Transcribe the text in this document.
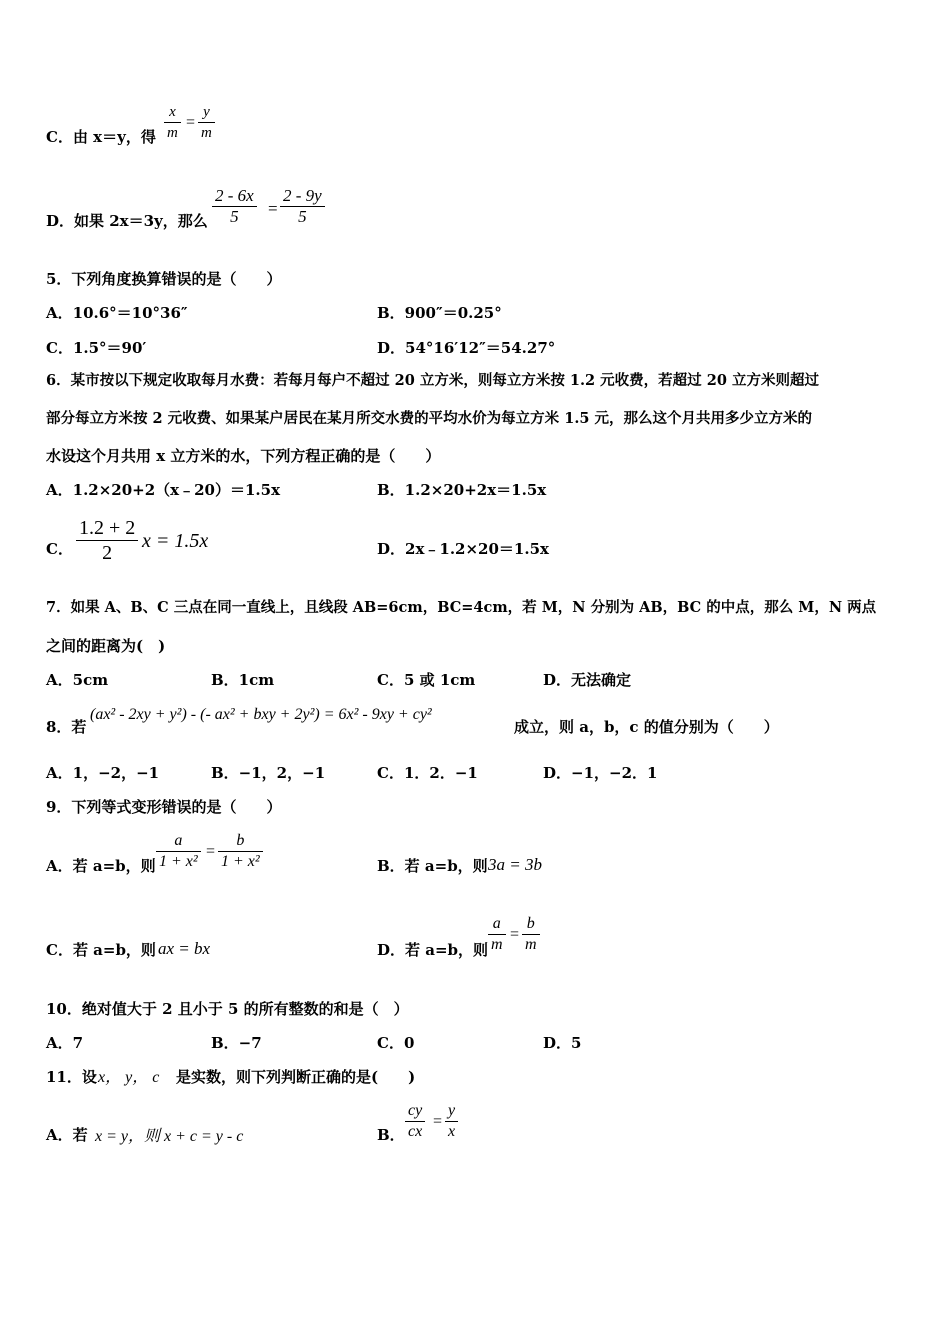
C．由 x＝y，得 $\frac{x}{m} = \frac{y}{m}$
D．如果 2x＝3y，那么 $\frac{2 - 6x}{5} = \frac{2 - 9y}{5}$
5．下列角度换算错误的是（　　）
A．10.6°＝10°36″	B．900″＝0.25°
C．1.5°＝90′	D．54°16′12″＝54.27°
6．某市按以下规定收取每月水费：若每月每户不超过 20 立方米，则每立方米按 1.2 元收费，若超过 20 立方米则超过
部分每立方米按 2 元收费、如果某户居民在某月所交水费的平均水价为每立方米 1.5 元，那么这个月共用多少立方米的
水设这个月共用 x 立方米的水，下列方程正确的是（　　）
A．1.2×20+2（x﹣20）＝1.5x	B．1.2×20+2x＝1.5x
C． $\frac{1.2 + 2}{2}$ x = 1.5x	D．2x﹣1.2×20＝1.5x
7．如果 A、B、C 三点在同一直线上，且线段 AB=6cm，BC=4cm，若 M，N 分别为 AB，BC 的中点，那么 M，N 两点
之间的距离为(　)
A．5cm	B．1cm	C．5 或 1cm	D．无法确定
8．若
(ax² - 2xy + y²) - (- ax² + bxy + 2y²) = 6x² - 9xy + cy²
成立，则 a，b，c 的值分别为（　　）
A．1，−2，−1	B．−1，2，−1	C．1．2．−1	D．−1，−2．1
9．下列等式变形错误的是（　　）
A．若 a=b，则 $\frac{a}{\text{1 + x²}} = \frac{b}{\text{1 + x²}}$	B．若 a=b，则 3a = 3b
C．若 a=b，则 ax = bx	D．若 a=b，则 $\frac{a}{m} = \frac{b}{m}$
10．绝对值大于 2 且小于 5 的所有整数的和是（　）
A．7	B．−7	C．0	D．5
11．设 x， y， c 是实数，则下列判断正确的是(　　)
A．若 x = y，则 x + c = y - c	B． $\frac{cy}{cx} = \frac{y}{x}$
